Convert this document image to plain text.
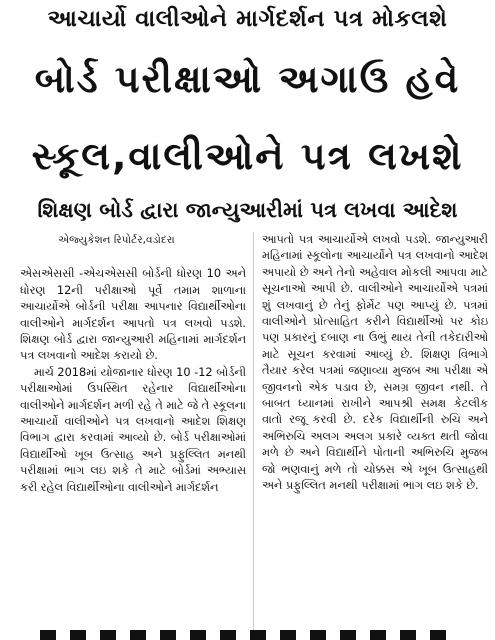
આચાર્યો વાલીઓને માર્ગદર્શન પત્ર મોકલશે
બોર્ડ પરીક્ષાઓ અગાઉ હવે
સ્કૂલ,વાલીઓને પત્ર લખશે
શિક્ષણ બોર્ડ દ્વારા જાન્યુઆરીમાં પત્ર લખવા આદેશ

એજ્યુકેશન રિપોર્ટર,વડોદરા

એસએસસી -એચએસસી બોર્ડની ધોરણ 10 અને ધોરણ 12ની પરીક્ષાઓ પૂર્વે તમામ શાળાના આચાર્યોએ બોર્ડની પરીક્ષા આપનાર વિદ્યાર્થીઓના વાલીઓને માર્ગદર્શન આપતો પત્ર લખવો પડશે. શિક્ષણ બોર્ડ દ્વારા જાન્યુઆરી મહિનામાં માર્ગદર્શન પત્ર લખવાનો આદેશ કરાયો છે.

માર્ચ 2018માં યોજાનાર ધોરણ 10 -12 બોર્ડની પરીક્ષાઓમાં ઉપસ્થિત રહેનાર વિદ્યાર્થીઓના વાલીઓને માર્ગદર્શન મળી રહે તે માટે જે તે સ્કૂલના આચાર્યો વાલીઓને પત્ર લખવાનો આદેશ શિક્ષણ વિભાગ દ્વારા કરવામાં આવ્યો છે. બોર્ડ પરીક્ષાઓમાં વિદ્યાર્થીઓ ખૂબ ઉત્સાહ અને પ્રફુલ્લિત મનથી પરીક્ષામાં ભાગ લઇ શકે તે માટે બોર્ડમાં અભ્યાસ કરી રહેલ વિદ્યાર્થીઓના વાલીઓને માર્ગદર્શન

આપતો પત્ર આચાર્યોએ લખવો પડશે. જાન્યુઆરી મહિનામાં સ્કૂલોના આચાર્યોને પત્ર લખવાનો આદેશ અપાયો છે અને તેનો અહેવાલ મોકલી આપવા માટે સૂચનાઓ આપી છે. વાલીઓને આચાર્યોએ પત્રમાં શું લખવાનું છે તેનું ફોર્મેટ પણ આપ્યું છે. પત્રમાં વાલીઓને પ્રોત્સાહિત કરીને વિદ્યાર્થીઓ પર કોઇ પણ પ્રકારનું દબાણ ના ઉભું થાય તેની તકેદારીઓ માટે સૂચન કરવામાં આવ્યું છે. શિક્ષણ વિભાગે તૈયાર કરેલ પત્રમાં જણાવ્યા મુજબ આ પરીક્ષા એ જીવનનો એક પડાવ છે, સમગ્ર જીવન નથી. તે બાબત ધ્યાનમાં રાખીને આપશ્રી સમક્ષ કેટલીક વાતો રજૂ કરવી છે. દરેક વિદ્યાર્થીની રુચિ અને અભિરુચિ અલગ અલગ પ્રકારે વ્યક્ત થતી જોવા મળે છે અને વિદ્યાર્થીને પોતાની અભિરુચિ મુજબ જો ભણવાનું મળે તો ચોક્કસ એ ખૂબ ઉત્સાહથી અને પ્રફુલ્લિત મનથી પરીક્ષામાં ભાગ લઇ શકે છે.
